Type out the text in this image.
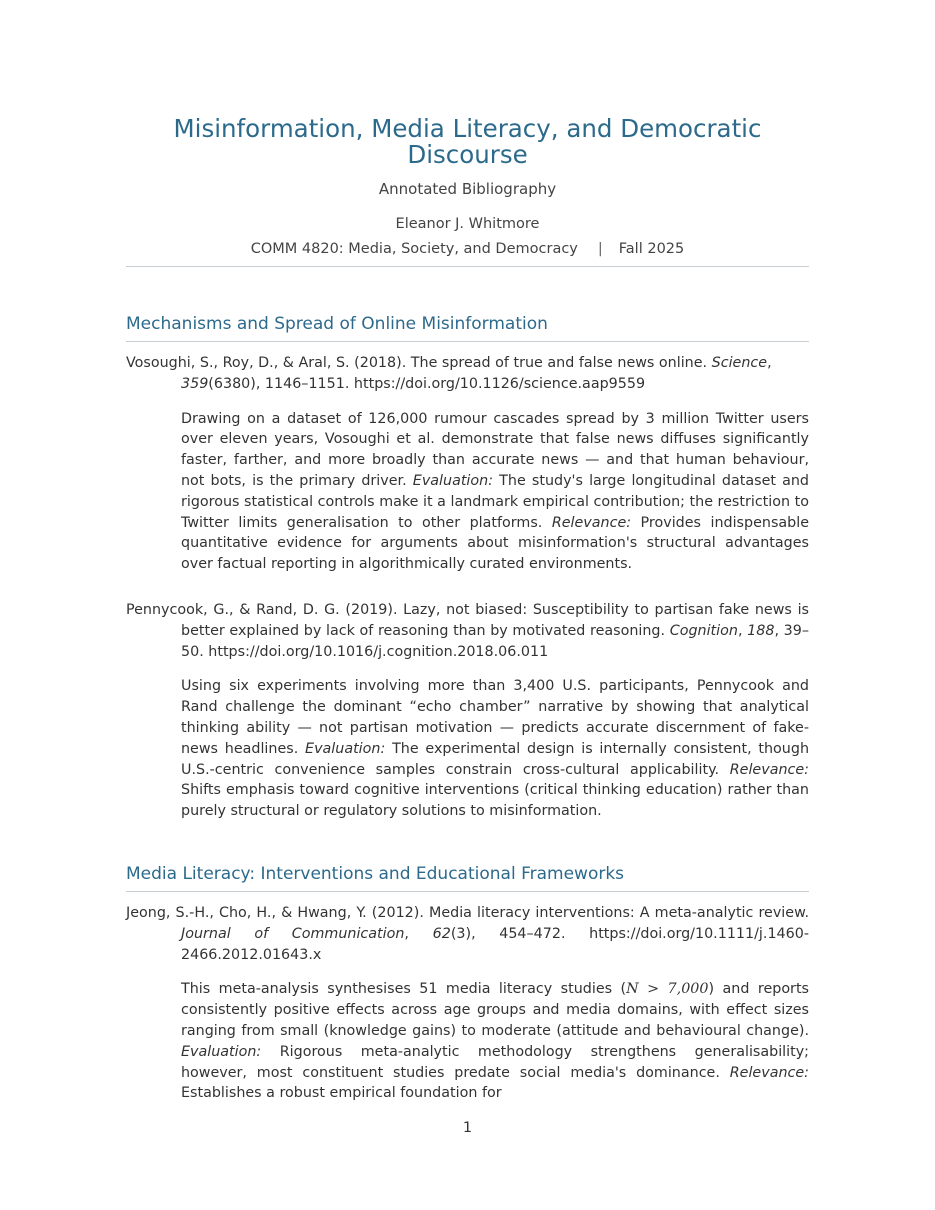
Misinformation, Media Literacy, and Democratic
Discourse
Annotated Bibliography
Eleanor J. Whitmore
COMM 4820: Media, Society, and Democracy | Fall 2025
Mechanisms and Spread of Online Misinformation

Vosoughi, S., Roy, D., & Aral, S. (2018). The spread of true and false news online. Science,
359(6380), 1146–1151. https://doi.org/10.1126/science.aap9559

Drawing on a dataset of 126,000 rumour cascades spread by 3 million Twitter users over eleven years, Vosoughi et al. demonstrate that false news diffuses significantly faster, farther, and more broadly than accurate news — and that human behaviour, not bots, is the primary driver. Evaluation: The study's large longitudinal dataset and rigorous statistical controls make it a landmark empirical contribution; the restriction to Twitter limits generalisation to other platforms. Relevance: Provides indispensable quantitative evidence for arguments about misinformation's structural advantages over factual reporting in algorithmically curated environments.

Pennycook, G., & Rand, D. G. (2019). Lazy, not biased: Susceptibility to partisan fake news is better explained by lack of reasoning than by motivated reasoning. Cognition, 188, 39–50. https://doi.org/10.1016/j.cognition.2018.06.011

Using six experiments involving more than 3,400 U.S. participants, Pennycook and Rand challenge the dominant “echo chamber” narrative by showing that analytical thinking ability — not partisan motivation — predicts accurate discernment of fake-news headlines. Evaluation: The experimental design is internally consistent, though U.S.-centric convenience samples constrain cross-cultural applicability. Relevance: Shifts emphasis toward cognitive interventions (critical thinking education) rather than purely structural or regulatory solutions to misinformation.
Media Literacy: Interventions and Educational Frameworks

Jeong, S.-H., Cho, H., & Hwang, Y. (2012). Media literacy interventions: A meta-analytic review. Journal of Communication, 62(3), 454–472. https://doi.org/10.1111/j.1460-2466.2012.01643.x

This meta-analysis synthesises 51 media literacy studies (N > 7,000) and reports consistently positive effects across age groups and media domains, with effect sizes ranging from small (knowledge gains) to moderate (attitude and behavioural change). Evaluation: Rigorous meta-analytic methodology strengthens generalisability; however, most constituent studies predate social media's dominance. Relevance: Establishes a robust empirical foundation for
1
